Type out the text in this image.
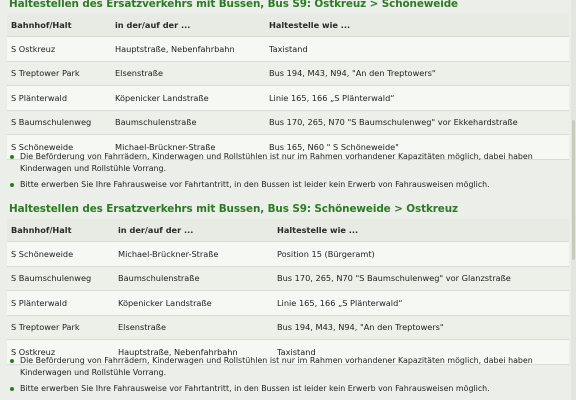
Haltestellen des Ersatzverkehrs mit Bussen, Bus S9: Ostkreuz > Schöneweide
Bahnhof/Halt	in der/auf der ...	Haltestelle wie ...
S Ostkreuz	Hauptstraße, Nebenfahrbahn	Taxistand
S Treptower Park	Elsenstraße	Bus 194, M43, N94, "An den Treptowers"
S Plänterwald	Köpenicker Landstraße	Linie 165, 166 „S Plänterwald“
S Baumschulenweg	Baumschulenstraße	Bus 170, 265, N70 "S Baumschulenweg" vor Ekkehardstraße
S Schöneweide	Michael-Brückner-Straße	Bus 165, N60 " S Schöneweide"
Die Beförderung von Fahrrädern, Kinderwagen und Rollstühlen ist nur im Rahmen vorhandener Kapazitäten möglich, dabei haben Kinderwagen und Rollstühle Vorrang.
Bitte erwerben Sie Ihre Fahrausweise vor Fahrtantritt, in den Bussen ist leider kein Erwerb von Fahrausweisen möglich.
Haltestellen des Ersatzverkehrs mit Bussen, Bus S9: Schöneweide > Ostkreuz
Bahnhof/Halt	in der/auf der ...	Haltestelle wie ...
S Schöneweide	Michael-Brückner-Straße	Position 15 (Bürgeramt)
S Baumschulenweg	Baumschulenstraße	Bus 170, 265, N70 "S Baumschulenweg" vor Glanzstraße
S Plänterwald	Köpenicker Landstraße	Linie 165, 166 „S Plänterwald“
S Treptower Park	Elsenstraße	Bus 194, M43, N94, "An den Treptowers"
S Ostkreuz	Hauptstraße, Nebenfahrbahn	Taxistand
Die Beförderung von Fahrrädern, Kinderwagen und Rollstühlen ist nur im Rahmen vorhandener Kapazitäten möglich, dabei haben Kinderwagen und Rollstühle Vorrang.
Bitte erwerben Sie Ihre Fahrausweise vor Fahrtantritt, in den Bussen ist leider kein Erwerb von Fahrausweisen möglich.
